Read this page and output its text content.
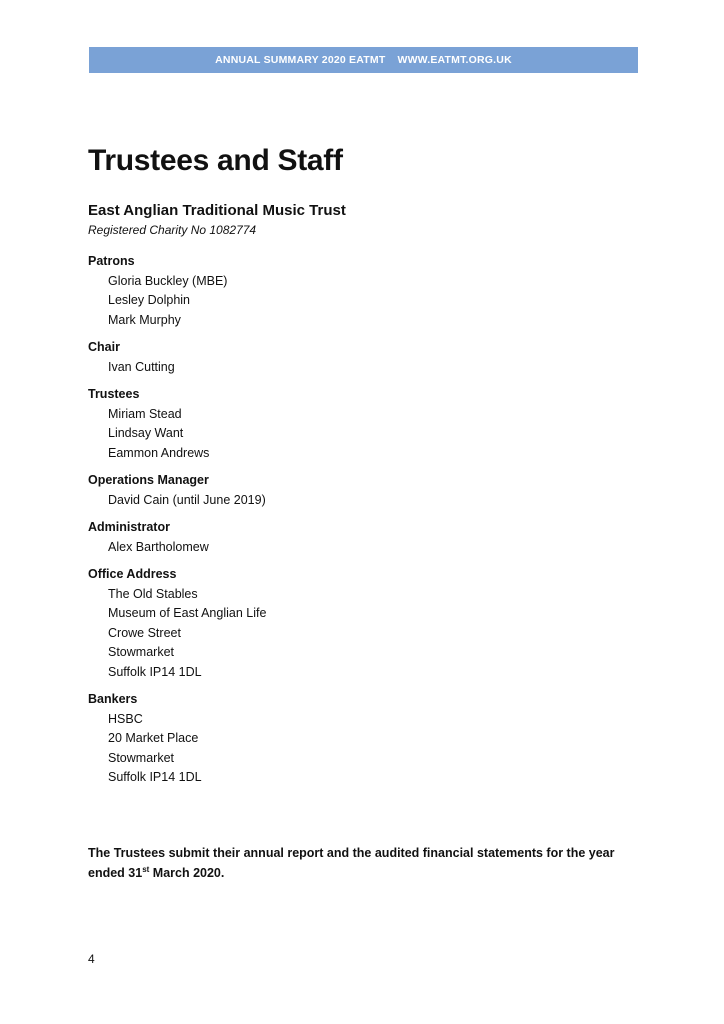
ANNUAL SUMMARY 2020 EATMT WWW.EATMT.ORG.UK
Trustees and Staff
East Anglian Traditional Music Trust
Registered Charity No 1082774
Patrons
Gloria Buckley (MBE)
Lesley Dolphin
Mark Murphy
Chair
Ivan Cutting
Trustees
Miriam Stead
Lindsay Want
Eammon Andrews
Operations Manager
David Cain (until June 2019)
Administrator
Alex Bartholomew
Office Address
The Old Stables
Museum of East Anglian Life
Crowe Street
Stowmarket
Suffolk IP14 1DL
Bankers
HSBC
20 Market Place
Stowmarket
Suffolk IP14 1DL

The Trustees submit their annual report and the audited financial statements for the year ended 31st March 2020.

4
